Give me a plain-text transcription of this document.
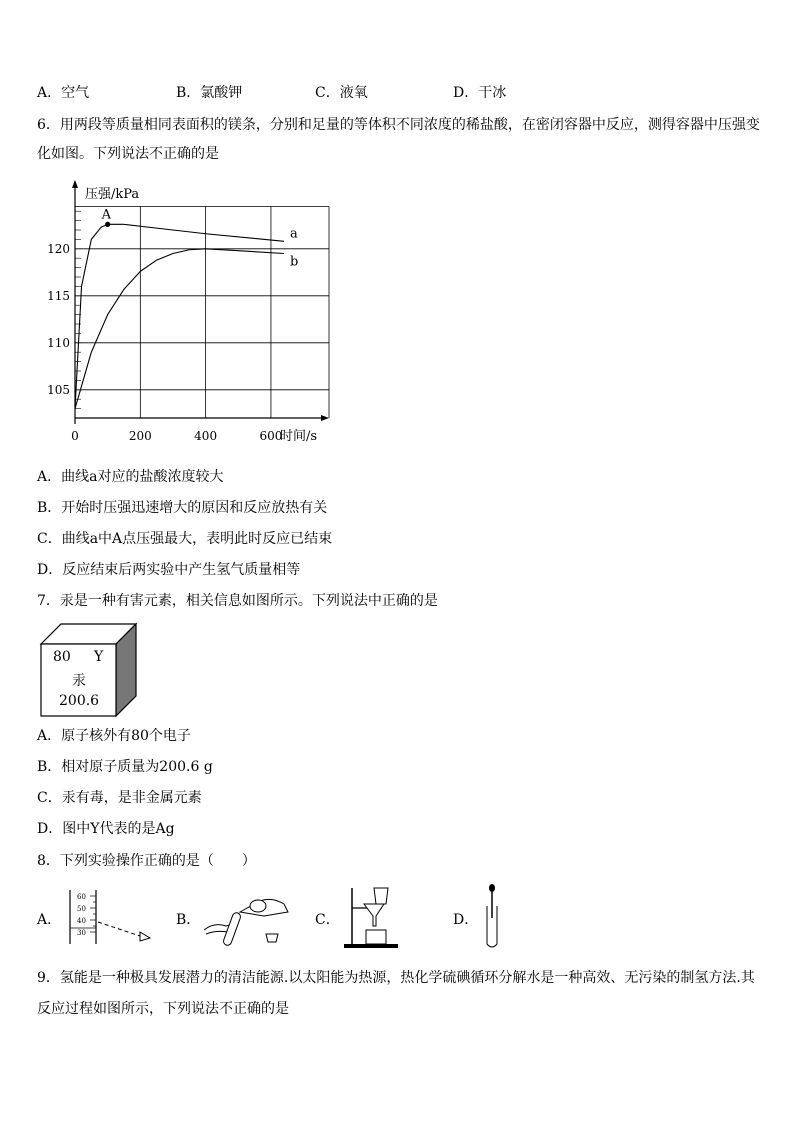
A．空气	B．氯酸钾	C．液氧	D．干冰
6．用两段等质量相同表面积的镁条，分别和足量的等体积不同浓度的稀盐酸，在密闭容器中反应，测得容器中压强变
化如图。下列说法不正确的是
压强/kPa
时间/s
0	200	400	600
105
110
115
120
a
b
A
A．曲线a对应的盐酸浓度较大
B．开始时压强迅速增大的原因和反应放热有关
C．曲线a中A点压强最大，表明此时反应已结束
D．反应结束后两实验中产生氢气质量相等
7．汞是一种有害元素，相关信息如图所示。下列说法中正确的是
80 Y
汞
200.6
A．原子核外有80个电子
B．相对原子质量为200.6 g
C．汞有毒，是非金属元素
D．图中Y代表的是Ag
8．下列实验操作正确的是（　　）
A．	B．	C．	D．
60
50
40
30
9．氢能是一种极具发展潜力的清洁能源.以太阳能为热源，热化学硫碘循环分解水是一种高效、无污染的制氢方法.其
反应过程如图所示，下列说法不正确的是
